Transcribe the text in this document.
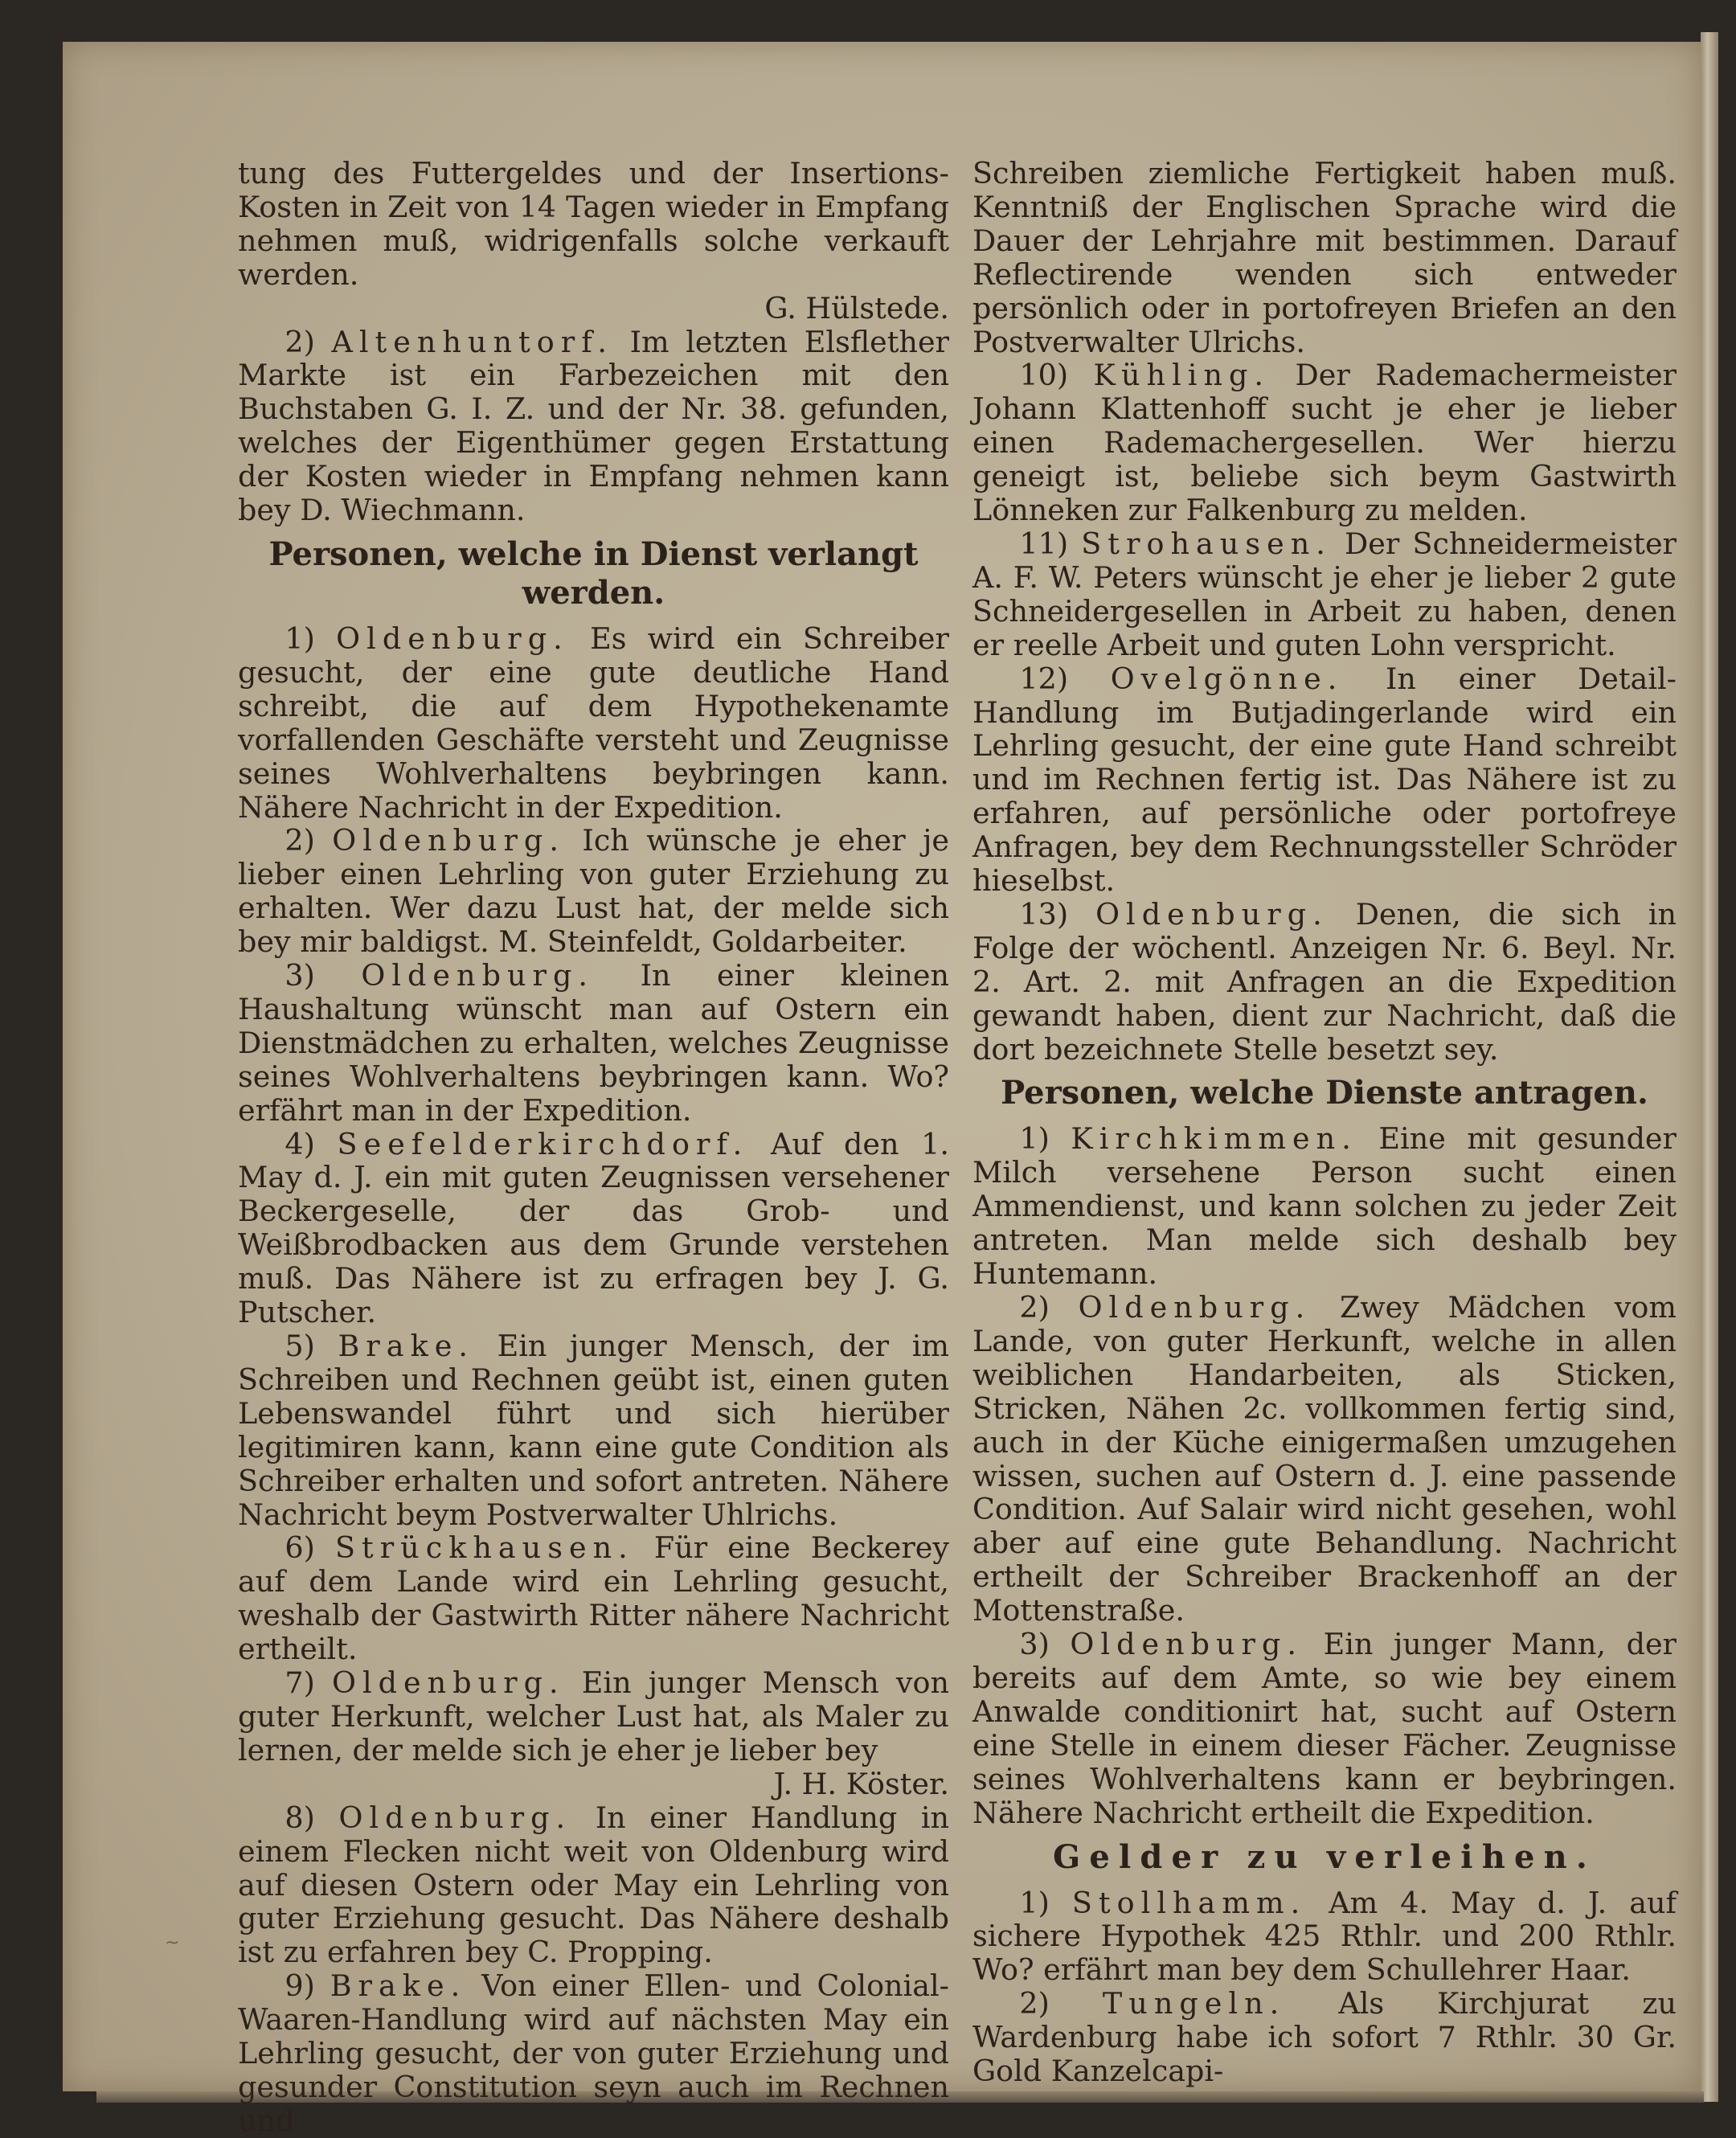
~

tung des Futtergeldes und der Insertions-Kosten in Zeit von 14 Tagen wieder in Empfang nehmen muß, widrigenfalls solche verkauft werden.

G. Hülstede.

2) Altenhuntorf. Im letzten Elsflether Markte ist ein Farbezeichen mit den Buchstaben G. I. Z. und der Nr. 38. gefunden, welches der Eigenthümer gegen Erstattung der Kosten wieder in Empfang nehmen kann bey D. Wiechmann.

Personen, welche in Dienst verlangt werden.

1) Oldenburg. Es wird ein Schreiber gesucht, der eine gute deutliche Hand schreibt, die auf dem Hypothekenamte vorfallenden Geschäfte versteht und Zeugnisse seines Wohlverhaltens beybringen kann. Nähere Nachricht in der Expedition.

2) Oldenburg. Ich wünsche je eher je lieber einen Lehrling von guter Erziehung zu erhalten. Wer dazu Lust hat, der melde sich bey mir baldigst. M. Steinfeldt, Goldarbeiter.

3) Oldenburg. In einer kleinen Haushaltung wünscht man auf Ostern ein Dienstmädchen zu erhalten, welches Zeugnisse seines Wohlverhaltens beybringen kann. Wo? erfährt man in der Expedition.

4) Seefelderkirchdorf. Auf den 1. May d. J. ein mit guten Zeugnissen versehener Beckergeselle, der das Grob- und Weißbrodbacken aus dem Grunde verstehen muß. Das Nähere ist zu erfragen bey J. G. Putscher.

5) Brake. Ein junger Mensch, der im Schreiben und Rechnen geübt ist, einen guten Lebenswandel führt und sich hierüber legitimiren kann, kann eine gute Condition als Schreiber erhalten und sofort antreten. Nähere Nachricht beym Postverwalter Uhlrichs.

6) Strückhausen. Für eine Beckerey auf dem Lande wird ein Lehrling gesucht, weshalb der Gastwirth Ritter nähere Nachricht ertheilt.

7) Oldenburg. Ein junger Mensch von guter Herkunft, welcher Lust hat, als Maler zu lernen, der melde sich je eher je lieber bey

J. H. Köster.

8) Oldenburg. In einer Handlung in einem Flecken nicht weit von Oldenburg wird auf diesen Ostern oder May ein Lehrling von guter Erziehung gesucht. Das Nähere deshalb ist zu erfahren bey C. Propping.

9) Brake. Von einer Ellen- und Colonial-Waaren-Handlung wird auf nächsten May ein Lehrling gesucht, der von guter Erziehung und gesunder Constitution seyn auch im Rechnen und

Schreiben ziemliche Fertigkeit haben muß. Kenntniß der Englischen Sprache wird die Dauer der Lehrjahre mit bestimmen. Darauf Reflectirende wenden sich entweder persönlich oder in portofreyen Briefen an den Postverwalter Ulrichs.

10) Kühling. Der Rademachermeister Johann Klattenhoff sucht je eher je lieber einen Rademachergesellen. Wer hierzu geneigt ist, beliebe sich beym Gastwirth Lönneken zur Falkenburg zu melden.

11) Strohausen. Der Schneidermeister A. F. W. Peters wünscht je eher je lieber 2 gute Schneidergesellen in Arbeit zu haben, denen er reelle Arbeit und guten Lohn verspricht.

12) Ovelgönne. In einer Detail-Handlung im Butjadingerlande wird ein Lehrling gesucht, der eine gute Hand schreibt und im Rechnen fertig ist. Das Nähere ist zu erfahren, auf persönliche oder portofreye Anfragen, bey dem Rechnungssteller Schröder hieselbst.

13) Oldenburg. Denen, die sich in Folge der wöchentl. Anzeigen Nr. 6. Beyl. Nr. 2. Art. 2. mit Anfragen an die Expedition gewandt haben, dient zur Nachricht, daß die dort bezeichnete Stelle besetzt sey.

Personen, welche Dienste antragen.

1) Kirchkimmen. Eine mit gesunder Milch versehene Person sucht einen Ammendienst, und kann solchen zu jeder Zeit antreten. Man melde sich deshalb bey Huntemann.

2) Oldenburg. Zwey Mädchen vom Lande, von guter Herkunft, welche in allen weiblichen Handarbeiten, als Sticken, Stricken, Nähen 2c. vollkommen fertig sind, auch in der Küche einigermaßen umzugehen wissen, suchen auf Ostern d. J. eine passende Condition. Auf Salair wird nicht gesehen, wohl aber auf eine gute Behandlung. Nachricht ertheilt der Schreiber Brackenhoff an der Mottenstraße.

3) Oldenburg. Ein junger Mann, der bereits auf dem Amte, so wie bey einem Anwalde conditionirt hat, sucht auf Ostern eine Stelle in einem dieser Fächer. Zeugnisse seines Wohlverhaltens kann er beybringen. Nähere Nachricht ertheilt die Expedition.

Gelder zu verleihen.

1) Stollhamm. Am 4. May d. J. auf sichere Hypothek 425 Rthlr. und 200 Rthlr. Wo? erfährt man bey dem Schullehrer Haar.

2) Tungeln. Als Kirchjurat zu Wardenburg habe ich sofort 7 Rthlr. 30 Gr. Gold Kanzelcapi-
